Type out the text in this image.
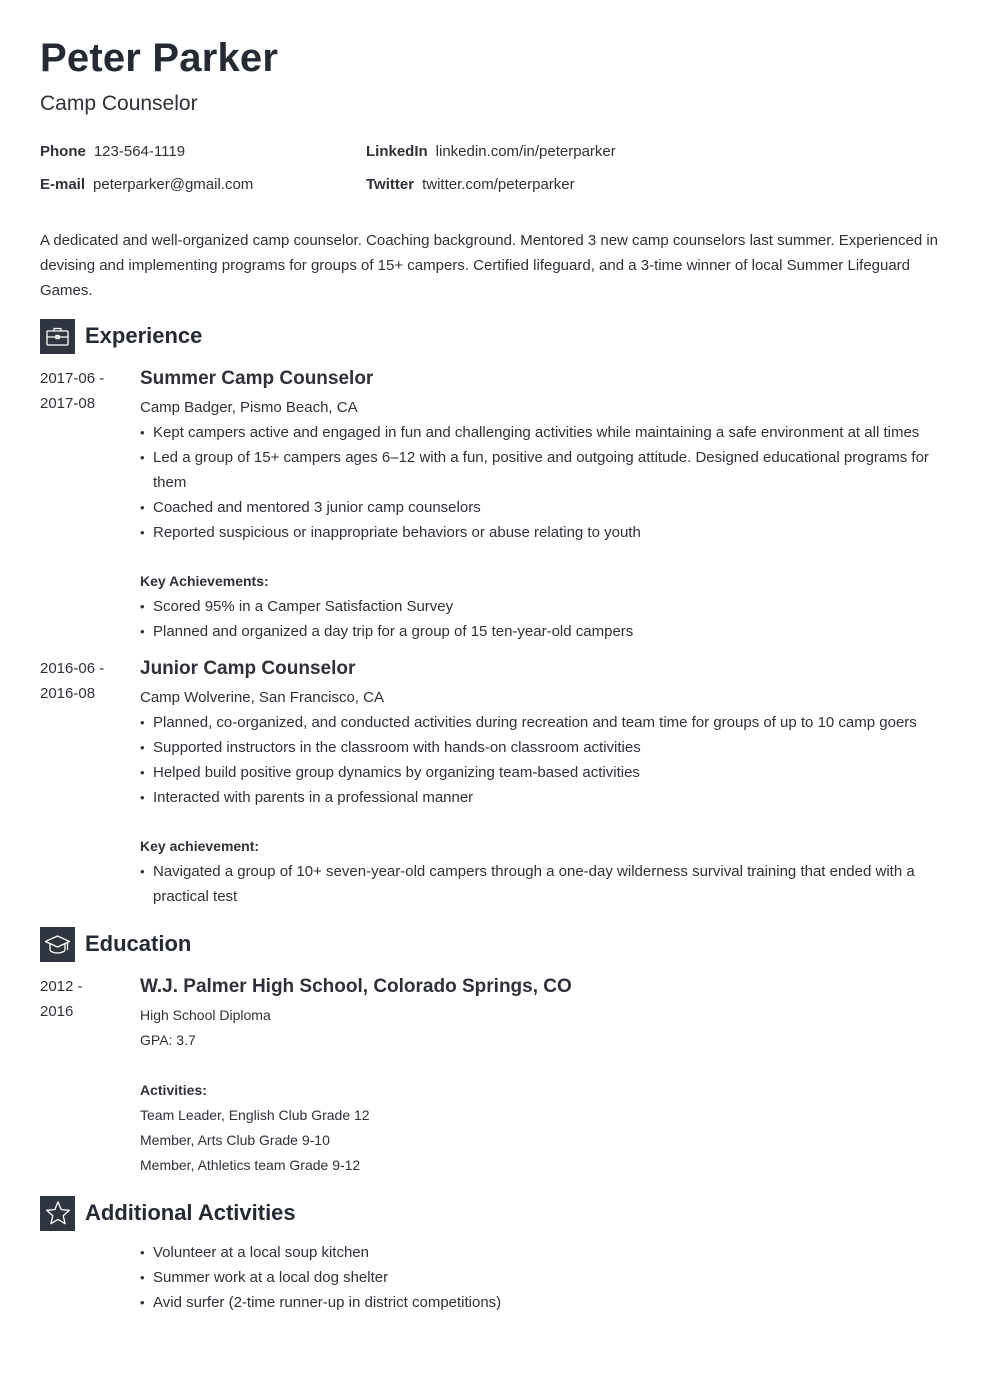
Peter Parker
Camp Counselor
Phone 123-564-1119
E-mail peterparker@gmail.com
LinkedIn linkedin.com/in/peterparker
Twitter twitter.com/peterparker
A dedicated and well-organized camp counselor. Coaching background. Mentored 3 new camp counselors last summer. Experienced in devising and implementing programs for groups of 15+ campers. Certified lifeguard, and a 3-time winner of local Summer Lifeguard Games.
Experience
2017-06 -
2017-08
Summer Camp Counselor
Camp Badger, Pismo Beach, CA
• Kept campers active and engaged in fun and challenging activities while maintaining a safe environment at all times
• Led a group of 15+ campers ages 6–12 with a fun, positive and outgoing attitude. Designed educational programs for them
• Coached and mentored 3 junior camp counselors
• Reported suspicious or inappropriate behaviors or abuse relating to youth
Key Achievements:
• Scored 95% in a Camper Satisfaction Survey
• Planned and organized a day trip for a group of 15 ten-year-old campers
2016-06 -
2016-08
Junior Camp Counselor
Camp Wolverine, San Francisco, CA
• Planned, co-organized, and conducted activities during recreation and team time for groups of up to 10 camp goers
• Supported instructors in the classroom with hands-on classroom activities
• Helped build positive group dynamics by organizing team-based activities
• Interacted with parents in a professional manner
Key achievement:
• Navigated a group of 10+ seven-year-old campers through a one-day wilderness survival training that ended with a practical test
Education
2012 -
2016
W.J. Palmer High School, Colorado Springs, CO
High School Diploma
GPA: 3.7
Activities:
Team Leader, English Club Grade 12
Member, Arts Club Grade 9-10
Member, Athletics team Grade 9-12
Additional Activities
• Volunteer at a local soup kitchen
• Summer work at a local dog shelter
• Avid surfer (2-time runner-up in district competitions)
